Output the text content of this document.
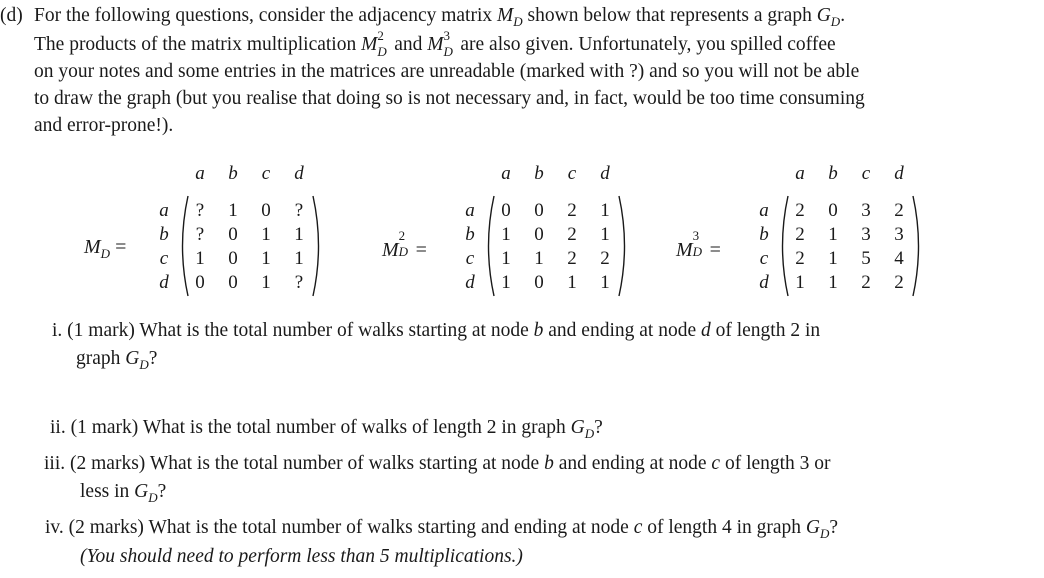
(d) For the following questions, consider the adjacency matrix $M_D$ shown below that represents a graph $G_D$.
The products of the matrix multiplication M 2
D and M 3
D are also given. Unfortunately, you spilled coffee
on your notes and some entries in the matrices are unreadable (marked with ?) and so you will not be able
to draw the graph (but you realise that doing so is not necessary and, in fact, would be too time consuming
and error-prone!).
$M_D$ =
a b	c	d
a	?	1 0	?
b	?	0 1 1
c	1 0 1 1
d 0 0 1	?
M
2
D =
a b	c	d
a 0 0 2 1
b 1 0 2 1
c	1 1 2 2
d 1 0 1 1
M
3
D =
a b	c	d
a 2 0 3 2
b 2 1 3 3
c	2 1 5 4
d 1 1 2 2
i. (1 mark) What is the total number of walks starting at node b and ending at node d of length 2 in
graph $G_D$?
ii. (1 mark) What is the total number of walks of length 2 in graph $G_D$?
iii. (2 marks) What is the total number of walks starting at node b and ending at node c of length 3 or
less in $G_D$?
iv. (2 marks) What is the total number of walks starting and ending at node c of length 4 in graph $G_D$?
(You should need to perform less than 5 multiplications.)
